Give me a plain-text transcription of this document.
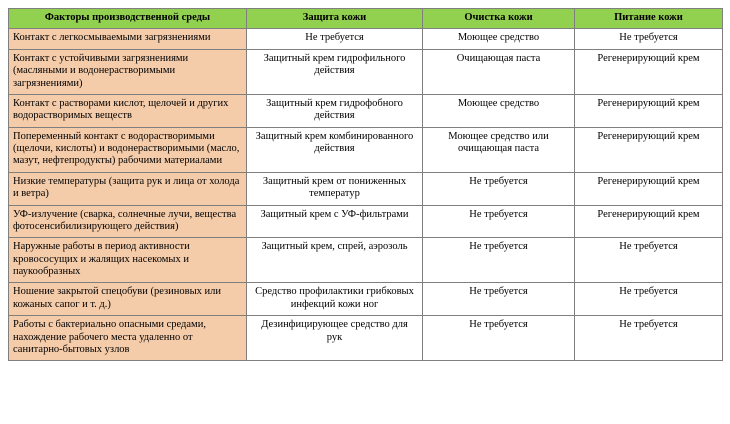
Факторы производственной среды	Защита кожи	Очистка кожи	Питание кожи
Контакт с легкосмываемыми загрязнениями	Не требуется	Моющее средство	Не требуется
Контакт с устойчивыми загрязнениями (масляными и водонерастворимыми загрязнениями)	Защитный крем гидрофильного действия	Очищающая паста	Регенерирующий крем
Контакт с растворами кислот, щелочей и других водорастворимых веществ	Защитный крем гидрофобного действия	Моющее средство	Регенерирующий крем
Попеременный контакт с водорастворимыми (щелочи, кислоты) и водонерастворимыми (масло, мазут, нефтепродукты) рабочими материалами	Защитный крем комбинированного действия	Моющее средство или очищающая паста	Регенерирующий крем
Низкие температуры (защита рук и лица от холода и ветра)	Защитный крем от пониженных температур	Не требуется	Регенерирующий крем
УФ-излучение (сварка, солнечные лучи, вещества фотосенсибилизирующего действия)	Защитный крем с УФ-фильтрами	Не требуется	Регенерирующий крем
Наружные работы в период активности кровососущих и жалящих насекомых и паукообразных	Защитный крем, спрей, аэрозоль	Не требуется	Не требуется
Ношение закрытой спецобуви (резиновых или кожаных сапог и т. д.)	Средство профилактики грибковых инфекций кожи ног	Не требуется	Не требуется
Работы с бактериально опасными средами, нахождение рабочего места удаленно от санитарно-бытовых узлов	Дезинфицирующее средство для рук	Не требуется	Не требуется
